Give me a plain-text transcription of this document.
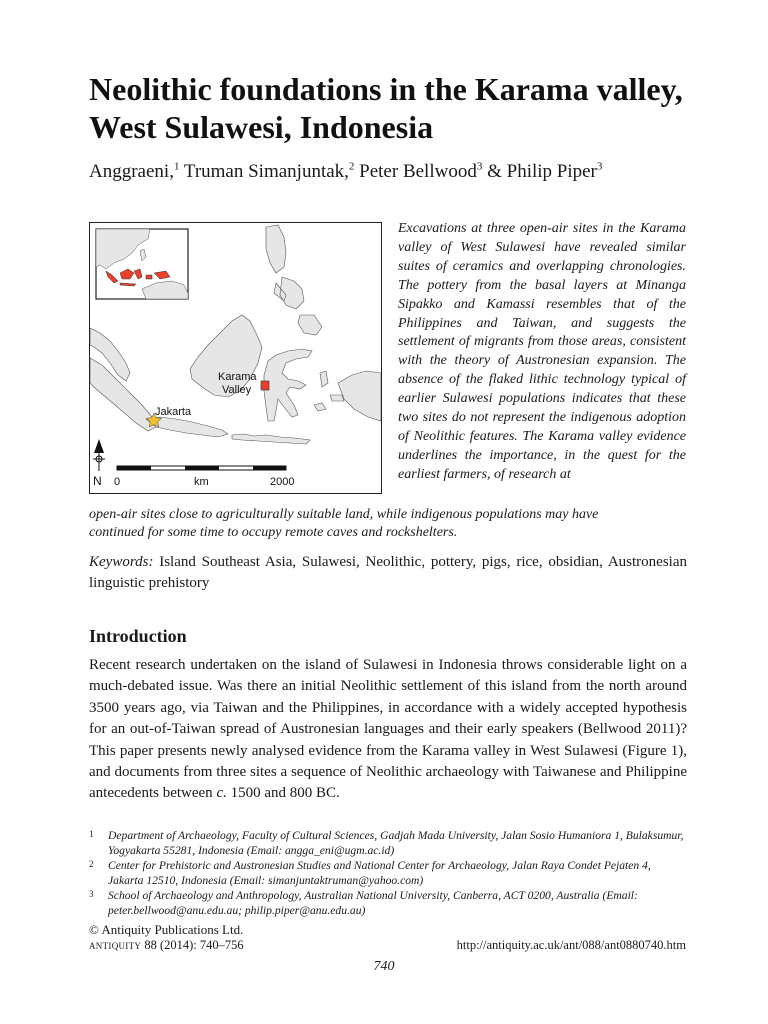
Neolithic foundations in the Karama valley, West Sulawesi, Indonesia

Anggraeni,$^1$ Truman Simanjuntak,$^2$ Peter Bellwood$^3$ & Philip Piper$^3$

Karama
Valley
Jakarta
N 0	km	2000

Excavations at three open-air sites in the Karama valley of West Sulawesi have revealed similar suites of ceramics and overlapping chronologies. The pottery from the basal layers at Minanga Sipakko and Kamassi resembles that of the Philippines and Taiwan, and suggests the settlement of migrants from those areas, consistent with the theory of Austronesian expansion. The absence of the flaked lithic technology typical of earlier Sulawesi populations indicates that these two sites do not represent the indigenous adoption of Neolithic features. The Karama valley evidence underlines the importance, in the quest for the earliest farmers, of research at

open-air sites close to agriculturally suitable land, while indigenous populations may have

continued for some time to occupy remote caves and rockshelters.

Keywords: Island Southeast Asia, Sulawesi, Neolithic, pottery, pigs, rice, obsidian, Austronesian linguistic prehistory

Introduction

Recent research undertaken on the island of Sulawesi in Indonesia throws considerable light on a much-debated issue. Was there an initial Neolithic settlement of this island from the north around 3500 years ago, via Taiwan and the Philippines, in accordance with a widely accepted hypothesis for an out-of-Taiwan spread of Austronesian languages and their early speakers (Bellwood 2011)? This paper presents newly analysed evidence from the Karama valley in West Sulawesi (Figure 1), and documents from three sites a sequence of Neolithic archaeology with Taiwanese and Philippine antecedents between c. 1500 and 800 BC.

1 Department of Archaeology, Faculty of Cultural Sciences, Gadjah Mada University, Jalan Sosio Humaniora 1, Bulaksumur, Yogyakarta 55281, Indonesia (Email: angga_eni@ugm.ac.id)

2 Center for Prehistoric and Austronesian Studies and National Center for Archaeology, Jalan Raya Condet Pejaten 4, Jakarta 12510, Indonesia (Email: simanjuntaktruman@yahoo.com)

3 School of Archaeology and Anthropology, Australian National University, Canberra, ACT 0200, Australia (Email: peter.bellwood@anu.edu.au; philip.piper@anu.edu.au)

© Antiquity Publications Ltd.
antiquity 88 (2014): 740–756	http://antiquity.ac.uk/ant/088/ant0880740.htm
740
